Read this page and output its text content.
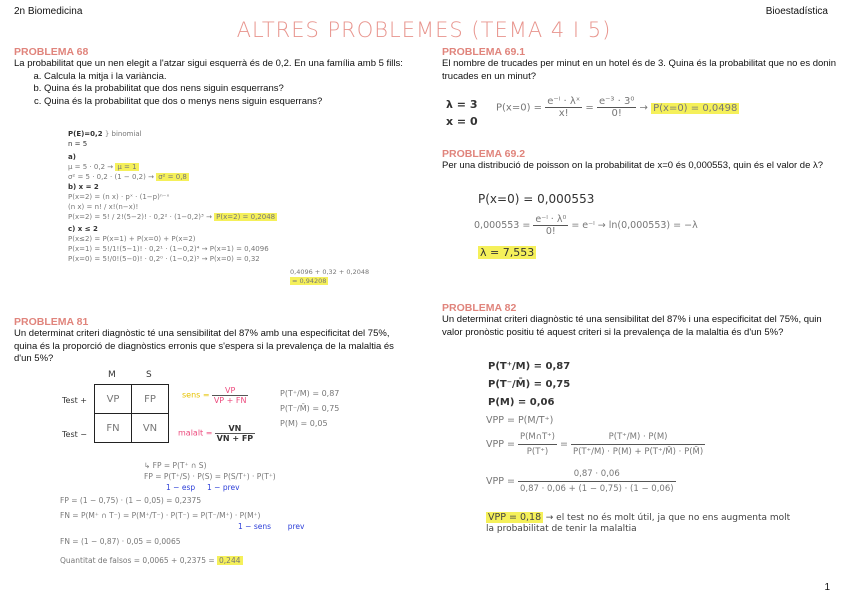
2n Biomedicina	Bioestadística
ALTRES PROBLEMES (TEMA 4 I 5)
PROBLEMA 68
La probabilitat que un nen elegit a l'atzar sigui esquerrà és de 0,2. En una família amb 5 fills:
a. Calcula la mitja i la variància.
b. Quina és la probabilitat que dos nens siguin esquerrans?
c. Quina és la probabilitat que dos o menys nens siguin esquerrans?
P(E)=0,2 } binomial
n = 5
a)
μ = 5 · 0,2 → μ = 1
σ² = 5 · 0,2 · (1 − 0,2) → σ² = 0,8
b) x = 2
P(x=2) = (n x) · pˣ · (1−p)ⁿ⁻ˣ
(n x) = n! / x!(n−x)!
P(x=2) = 5! / 2!(5−2)! · 0,2² · (1−0,2)³ → P(x=2) = 0,2048
c) x ≤ 2
P(x≤2) = P(x=1) + P(x=0) + P(x=2)
P(x=1) = 5!/1!(5−1)! · 0,2¹ · (1−0,2)⁴ → P(x=1) = 0,4096
P(x=0) = 5!/0!(5−0)! · 0,2⁰ · (1−0,2)⁵ → P(x=0) = 0,32
0,4096 + 0,32 + 0,2048
= 0,94208
PROBLEMA 81
Un determinat criteri diagnòstic té una sensibilitat del 87% amb una especificitat del 75%, quina és la proporció de diagnòstics erronis que s'espera si la prevalença de la malaltia és d'un 5%?
M	S
Test +
Test −
VP	FP
FN	VN
sens = $\frac{VP}{VP + FN}$
malalt = $\frac{VN}{VN + FP}$
P(T⁺/M) = 0,87
P(T⁻/M̄) = 0,75
P(M) = 0,05
↳ FP = P(T⁺ ∩ S)
FP = P(T⁺/S) · P(S) = P(S/T⁺) · P(T⁺)
1 − esp 1 − prev
FP = (1 − 0,75) · (1 − 0,05) = 0,2375
FN = P(M⁺ ∩ T⁻) = P(M⁺/T⁻) · P(T⁻) = P(T⁻/M⁺) · P(M⁺)
1 − sens prev
FN = (1 − 0,87) · 0,05 = 0,0065
Quantitat de falsos = 0,0065 + 0,2375 = 0,244
PROBLEMA 69.1
El nombre de trucades per minut en un hotel és de 3. Quina és la probabilitat que no es donin trucades en un minut?
λ = 3
x = 0
$P(x=0) = \frac{\text{e⁻ˡ · λˣ}}{x!} = \frac{\text{e⁻³ · 3⁰}}{0!} \to P(x=0) = 0,0498$
PROBLEMA 69.2
Per una distribució de poisson on la probabilitat de x=0 és 0,000553, quin és el valor de λ?
P(x=0) = 0,000553
$0,000553 = \frac{\text{e⁻ˡ · λ⁰}}{0!}$ = e⁻ˡ → ln(0,000553) = −λ
λ = 7,553
PROBLEMA 82
Un determinat criteri diagnòstic té una sensibilitat del 87% i una especificitat del 75%, quin valor pronòstic positiu té aquest criteri si la prevalença de la malaltia és d'un 5%?
P(T⁺/M) = 0,87
P(T⁻/M̄) = 0,75
P(M) = 0,06
VPP = P(M/T⁺)
VPP = $\frac{P(M\cap T^+)}{P(T^+)} = \frac{P(T^+/M) \cdot P(M)}{P(T^+/M) \cdot P(M) + P(T^+/M̄) \cdot P(M̄)}$
VPP = $\frac{0,87 \cdot 0,06}{0,87 \cdot 0,06 + (1 - 0,75) \cdot (1 - 0,06)}$
VPP = 0,18 → el test no és molt útil, ja que no ens augmenta molt la probabilitat de tenir la malaltia
1
